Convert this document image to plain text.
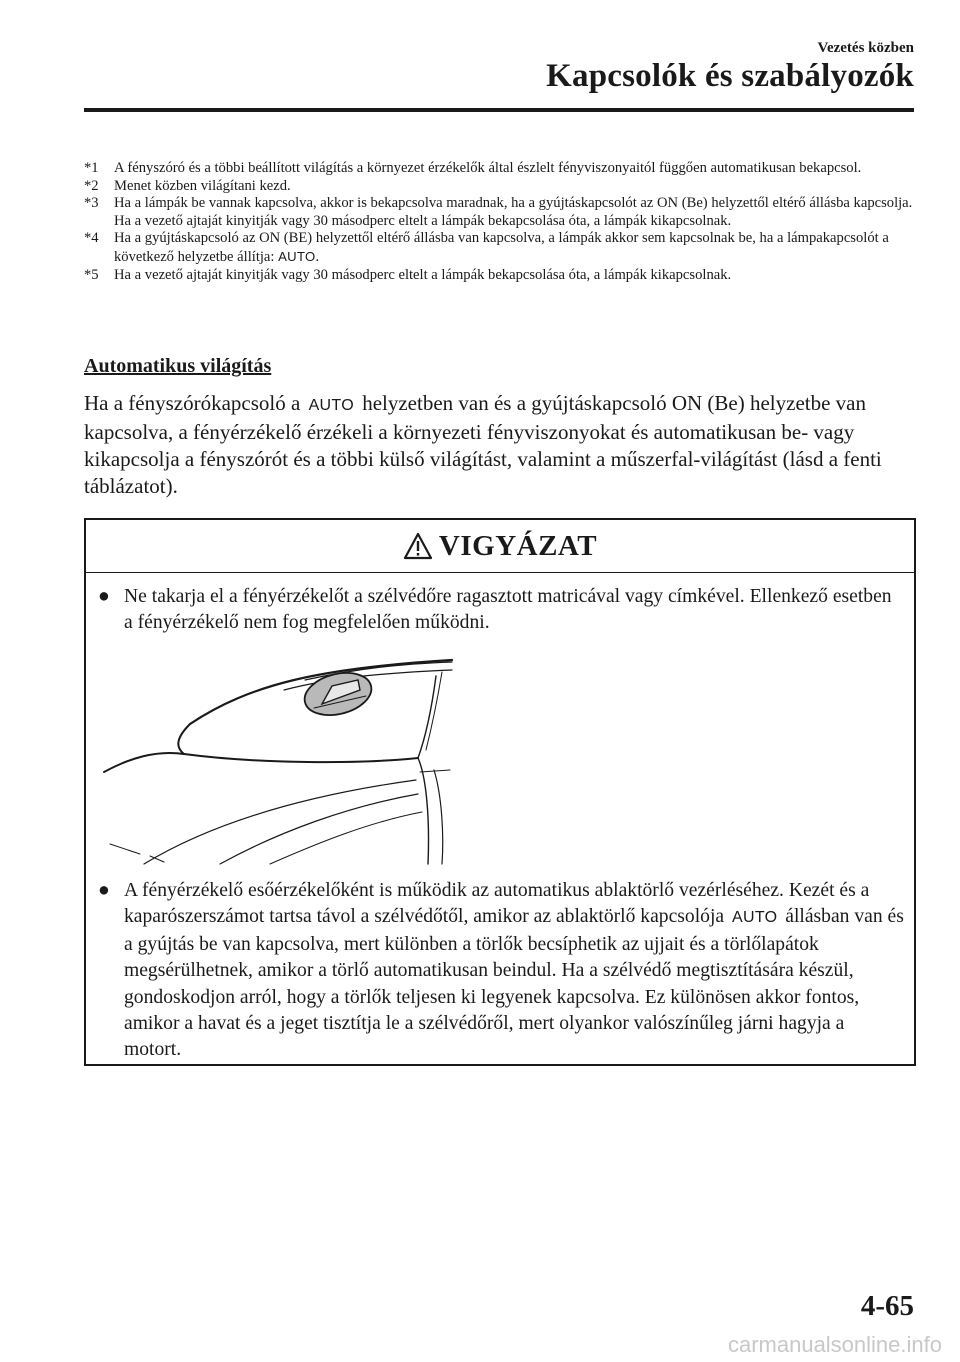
Vezetés közben
Kapcsolók és szabályozók
*1	A fényszóró és a többi beállított világítás a környezet érzékelők által észlelt fényviszonyaitól függően automatikusan bekapcsol.
*2	Menet közben világítani kezd.
*3	Ha a lámpák be vannak kapcsolva, akkor is bekapcsolva maradnak, ha a gyújtáskapcsolót az ON (Be) helyzettől eltérő állásba kapcsolja. Ha a vezető ajtaját kinyitják vagy 30 másodperc eltelt a lámpák bekapcsolása óta, a lámpák kikapcsolnak.
*4	Ha a gyújtáskapcsoló az ON (BE) helyzettől eltérő állásba van kapcsolva, a lámpák akkor sem kapcsolnak be, ha a lámpakapcsolót a következő helyzetbe állítja: AUTO.
*5	Ha a vezető ajtaját kinyitják vagy 30 másodperc eltelt a lámpák bekapcsolása óta, a lámpák kikapcsolnak.
Automatikus világítás
Ha a fényszórókapcsoló a AUTO helyzetben van és a gyújtáskapcsoló ON (Be) helyzetbe van kapcsolva, a fényérzékelő érzékeli a környezeti fényviszonyokat és automatikusan be- vagy kikapcsolja a fényszórót és a többi külső világítást, valamint a műszerfal-világítást (lásd a fenti táblázatot).
VIGYÁZAT
● Ne takarja el a fényérzékelőt a szélvédőre ragasztott matricával vagy címkével. Ellenkező esetben a fényérzékelő nem fog megfelelően működni.
● A fényérzékelő esőérzékelőként is működik az automatikus ablaktörlő vezérléséhez. Kezét és a kaparószerszámot tartsa távol a szélvédőtől, amikor az ablaktörlő kapcsolója AUTO állásban van és a gyújtás be van kapcsolva, mert különben a törlők becsíphetik az ujjait és a törlőlapátok megsérülhetnek, amikor a törlő automatikusan beindul. Ha a szélvédő megtisztítására készül, gondoskodjon arról, hogy a törlők teljesen ki legyenek kapcsolva. Ez különösen akkor fontos, amikor a havat és a jeget tisztítja le a szélvédőről, mert olyankor valószínűleg járni hagyja a motort.
4-65
carmanualsonline.info
